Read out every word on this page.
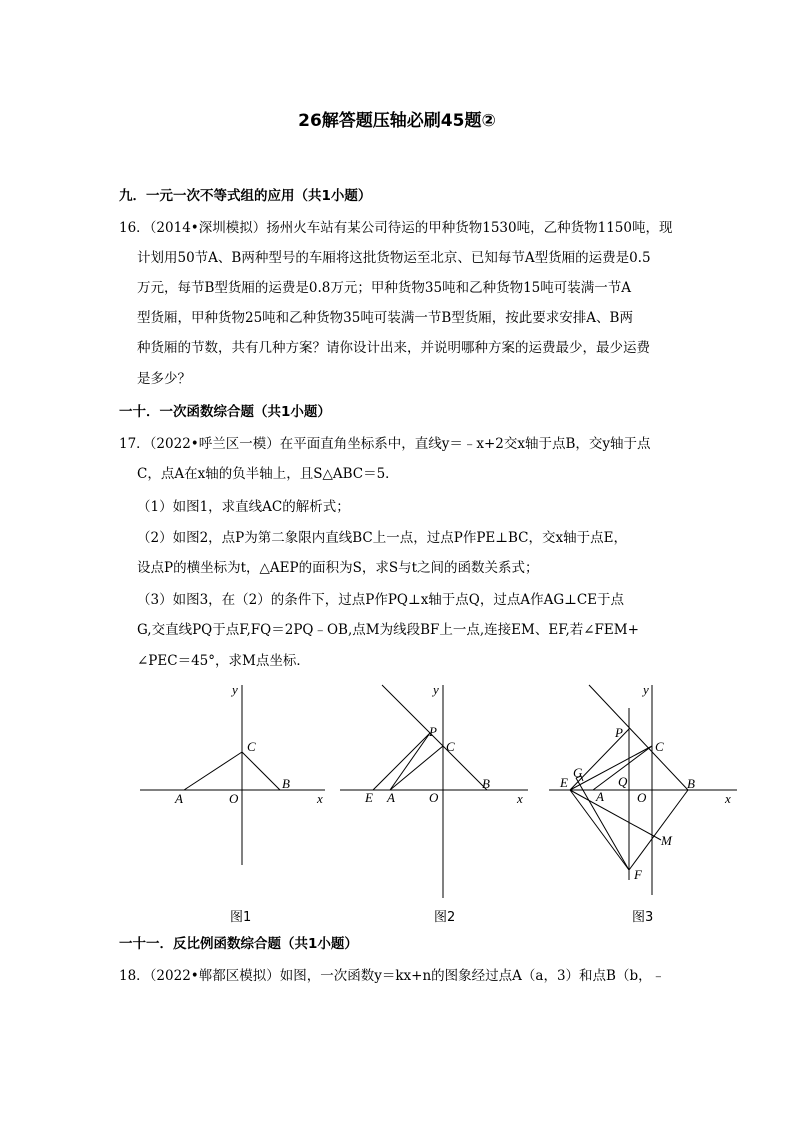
26解答题压轴必刷45题②
九．一元一次不等式组的应用（共1小题）
16．（2014•深圳模拟）扬州火车站有某公司待运的甲种货物1530吨，乙种货物1150吨，现
计划用50节A、B两种型号的车厢将这批货物运至北京、已知每节A型货厢的运费是0.5
万元，每节B型货厢的运费是0.8万元；甲种货物35吨和乙种货物15吨可装满一节A
型货厢，甲种货物25吨和乙种货物35吨可装满一节B型货厢，按此要求安排A、B两
种货厢的节数，共有几种方案？请你设计出来，并说明哪种方案的运费最少，最少运费
是多少？
一十．一次函数综合题（共1小题）
17．（2022•呼兰区一模）在平面直角坐标系中，直线y＝﹣x+2交x轴于点B，交y轴于点
C，点A在x轴的负半轴上，且S△ABC＝5．
（1）如图1，求直线AC的解析式；
（2）如图2，点P为第二象限内直线BC上一点，过点P作PE⊥BC，交x轴于点E，
设点P的横坐标为t，△AEP的面积为S，求S与t之间的函数关系式；
（3）如图3，在（2）的条件下，过点P作PQ⊥x轴于点Q，过点A作AG⊥CE于点
G,交直线PQ于点F,FQ＝2PQ﹣OB,点M为线段BF上一点,连接EM、EF,若∠FEM+
∠PEC＝45°，求M点坐标．
y
x
A	O
B
C
图1
y
x
E A	O
B
C
P
图2
y
x
E
A	O
B
C
P
G
Q
M
F
图3
一十一．反比例函数综合题（共1小题）
18．（2022•郸都区模拟）如图，一次函数y＝kx+n的图象经过点A（a，3）和点B（b，﹣
